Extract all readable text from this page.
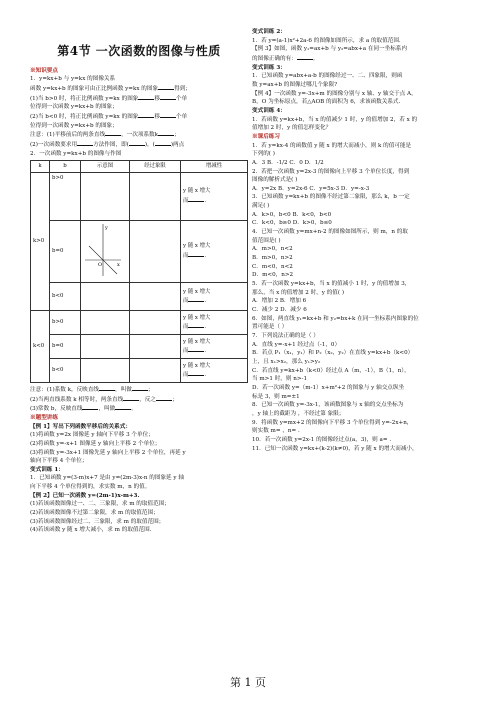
第4节 一次函数的图像与性质

※知识要点

1．y=kx+b 与 y=kx 的图像关系

函数 y=kx+b 的图象可由正比例函数 y=kx 的图象	得到；

(1)当 b>0 时，将正比例函数 y=kx 的图象	移	个单

位得到一次函数 y=kx+b 的图象；

(2)当 b<0 时，将正比例函数 y=kx 的图象	移	个单

位得到一次函数 y=kx+b 的图象；

注意：(1)平移前后的两条直线	，一次项系数k	；

(2)一次函数要求用	方法作图，即(	)，(	)两点

2．一次函数 y=kx+b 的图像与作图

k	b	示意图	经过象限	增减性
k>0	b>0			y 随 x 增大
而 .
	b=0	y
x
O		y 随 x 增大
而 .
	b<0			y 随 x 增大
而 .
k<0	b>0			y 随 x 增大
而 .
	b=0			y 随 x 增大
而 .
	b<0			y 随 x 增大
而 .

注意：(1)系数 k，反映直线	，叫做	；

(2)当两直线系数 k 相等时，两条直线	，反之	；

(3)常数 b，反映直线	，叫做	。

※题型讲练

【例 1】写出下列函数平移后的关系式：

(1)将函数 y=2x 图像延 y 轴向下平移 3 个单位；

(2)将函数 y=-x+1 图像延 y 轴向上平移 2 个单位；

(3)将函数 y=-3x+1 图像先延 y 轴向上平移 2 个单位，再延 y

轴向下平移 4 个单位；

变式训练 1：

1．已知函数 y=(3-m)x+7 是由 y=(2m-3)x-n 的图象延 y 轴

向下平移 4 个单位得到的，求实数 m，n 的值。

【例 2】已知一次函数 y=(2m-1)x-m+3.

(1)若该函数图像过一、二、三象限，求 m 的取值范围；

(2)若该函数图像不过第二象限，求 m 的取值范围；

(3)若该函数图像经过二、三象限，求 m 的取值范围；

(4)若该函数 y 随 x 增大减小，求 m 的取值范围.

变式训练 2：

1．若 y=(a-1)x²+2a-6 的图像如图所示，求 a 的取值范围.

【例 3】如图，函数 y₁=ax+b 与 y₂=abx+a 在同一坐标系内

的图像正确的有：	。

变式训练 3：

1．已知函数 y=abx+a-b 的图像经过一、二、四象限，则函

数 y=ax+b 的图像过哪几个象限?

【例 4】一次函数 y=-3x+m 的图像分别与 x 轴、y 轴交于点 A，

B，O 为坐标原点，若△AOB 的面积为 6，求该函数关系式.

变式训练 4：

1．若函数 y=kx+b，当 x 的值减少 1 时，y 的值增加 2，若 x 的

值增加 2 时，y 的值怎样变化？

※课后练习

1．若 y=kx-4 的函数值 y 随 x 的增大而减小，则 k 的值可能是

下列的( )

A．3 B．-1/2 C．0 D．1/2

2．若把一次函数 y=2x-3 的图像向上平移 3 个单位长度，得到

图像的解析式是( )

A．y=2x B．y=2x-6 C．y=5x-3 D．y=-x-3

3．已知函数 y=kx+b 的图像不经过第二象限，那么 k，b 一定

满足( )

A．k>0，b<0 B．k<0，b<0

C．k<0，b≥0 D．k>0，b≤0

4．已知一次函数 y=mx+n-2 的图像如图所示，则 m，n 的取

值范围是( )

A．m>0，n<2

B．m>0，n>2

C．m<0，n<2

D．m<0，n>2

5．若一次函数 y=kx+b，当 x 的值减小 1 时，y 的值增加 3，

那么，当 x 的值增加 2 时，y 的值( )

A．增加 2 B．增加 6

C．减少 2 D．减少 6

6．如图，两直线 y₁=kx+b 和 y₂=bx+k 在同一坐标系内图象的位

置可能是（ ）

7．下列说法正确的是（ ）

A．直线 y=-x+1 经过点（-1，0）

B．若点 P₁（x₁，y₁）和 P₂（x₂，y₂）在直线 y=kx+b（k<0）

上，且 x₁>x₂，那么 y₁>y₂

C．若直线 y=kx+b（k<0）经过点 A（m，-1），B（1，n），

当 m>1 时，则 n>-1

D．若一次函数 y=（m-1）x+m²+2 的图象与 y 轴交点纵坐

标是 3，则 m=±1

8．已知一次函数 y=-3x-1，该函数图象与 x 轴的交点坐标为

，y 轴上的截距为 ，不经过第 象限；

9．将函数 y=mx+2 的图像向下平移 3 个单位得到 y=-2x+n，

则实数 m= ，n= .

10．若一次函数 y=2x-1 的图像经过点(a，3)，则 a= .

11．已知一次函数 y=kx+(k-2)(k≠0)，若 y 随 x 的增大而减小，

第 1 页
